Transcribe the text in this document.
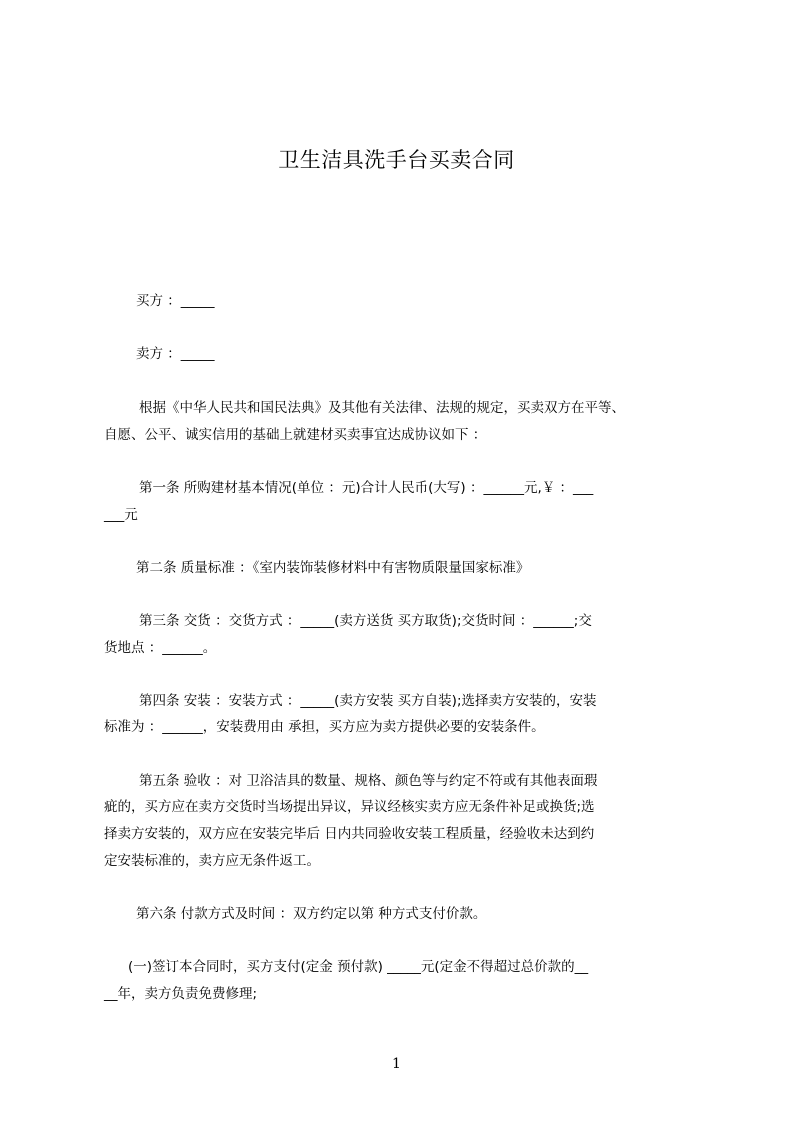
卫生洁具洗手台买卖合同
买方 ：_____
卖方 ：_____
根据《中华人民共和国民法典》及其他有关法律、法规的规定，买卖双方在平等、
自愿、公平、诚实信用的基础上就建材买卖事宜达成协议如下 ：
第一条 所购建材基本情况(单位 ：元)合计人民币(大写) ：______元,￥ ：___
___元
第二条 质量标准 ：《室内装饰装修材料中有害物质限量国家标准》
第三条 交货 ：交货方式 ：_____(卖方送货 买方取货);交货时间 ：______;交
货地点 ：______。
第四条 安装 ：安装方式 ：_____(卖方安装 买方自装);选择卖方安装的，安装
标准为 ：______，安装费用由 承担，买方应为卖方提供必要的安装条件。
第五条 验收 ：对 卫浴洁具的数量、规格、颜色等与约定不符或有其他表面瑕
疵的，买方应在卖方交货时当场提出异议，异议经核实卖方应无条件补足或换货;选
择卖方安装的，双方应在安装完毕后 日内共同验收安装工程质量，经验收未达到约
定安装标准的，卖方应无条件返工。
第六条 付款方式及时间 ：双方约定以第 种方式支付价款。
(一)签订本合同时，买方支付(定金 预付款) _____元(定金不得超过总价款的__
__年，卖方负责免费修理;
1
